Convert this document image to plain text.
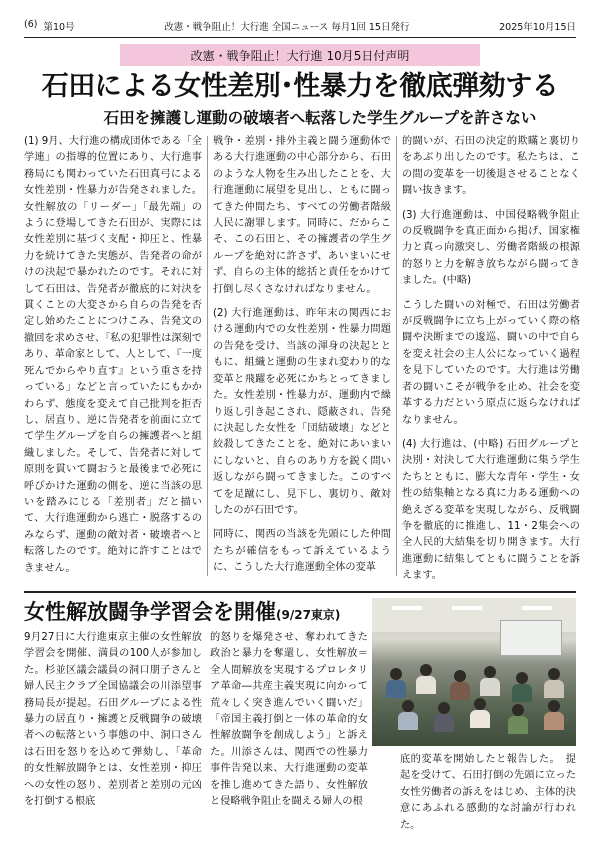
(6) 第10号	改憲・戦争阻止！大行進 全国ニュース 毎月1回 15日発行	2025年10月15日
改憲・戦争阻止！大行進 10月5日付声明
石田による女性差別･性暴力を徹底弾劾する
石田を擁護し運動の破壊者へ転落した学生グループを許さない

(1) 9月、大行進の構成団体である「全学連」の指導的位置にあり、大行進事務局にも関わっていた石田真弓による女性差別・性暴力が告発されました。女性解放の「リーダー」「最先端」のように登場してきた石田が、実際には女性差別に基づく支配・抑圧と、性暴力を続けてきた実態が、告発者の命がけの決起で暴かれたのです。それに対して石田は、告発者が徹底的に対決を貫くことの大変さから自らの告発を否定し始めたことにつけこみ、告発文の撤回を求めさせ、「私の犯罪性は深刻であり、革命家として、人として、『一度死んでからやり直す』という重さを持っている」などと言っていたにもかかわらず、態度を変えて自己批判を拒否し、居直り、逆に告発者を前面に立てて学生グループを自らの擁護者へと組織しました。そして、告発者に対して原則を貫いて闘おうと最後まで必死に呼びかけた運動の側を、逆に当該の思いを踏みにじる「差別者」だと描いて、大行進運動から逃亡・脱落するのみならず、運動の敵対者・破壊者へと転落したのです。絶対に許すことはできません。

戦争・差別・排外主義と闘う運動体である大行進運動の中心部分から、石田のような人物を生み出したことを、大行進運動に展望を見出し、ともに闘ってきた仲間たち、すべての労働者階級人民に謝罪します。同時に、だからこそ、この石田と、その擁護者の学生グループを絶対に許さず、あいまいにせず、自らの主体的総括と責任をかけて打倒し尽くさなければなりません。

(2) 大行進運動は、昨年末の関西における運動内での女性差別・性暴力問題の告発を受け、当該の渾身の決起とともに、組織と運動の生まれ変わり的な変革と飛躍を必死にかちとってきました。女性差別・性暴力が、運動内で繰り返し引き起こされ、隠蔽され、告発に決起した女性を「団結破壊」などと絞殺してきたことを、絶対にあいまいにしないと、自らのあり方を鋭く問い返しながら闘ってきました。このすべてを足蹴にし、見下し、裏切り、敵対したのが石田です。

同時に、関西の当該を先頭にした仲間たちが確信をもって訴えているように、こうした大行進運動全体の変革

的闘いが、石田の決定的欺瞞と裏切りをあぶり出したのです。私たちは、この間の変革を一切後退させることなく闘い抜きます。

(3) 大行進運動は、中国侵略戦争阻止の反戦闘争を真正面から掲げ、国家権力と真っ向激突し、労働者階級の根源的怒りと力を解き放ちながら闘ってきました。(中略)

こうした闘いの対極で、石田は労働者が反戦闘争に立ち上がっていく際の格闘や決断までの逡巡、闘いの中で自らを変え社会の主人公になっていく過程を見下していたのです。大行進は労働者の闘いこそが戦争を止め、社会を変革する力だという原点に返らなければなりません。

(4) 大行進は、(中略) 石田グループと決別・対決して大行進運動に集う学生たちとともに、膨大な青年・学生・女性の結集軸となる真に力ある運動への絶えざる変革を実現しながら、反戦闘争を徹底的に推進し、11・2集会への全人民的大結集を切り開きます。大行進運動に結集してともに闘うことを訴えます。

女性解放闘争学習会を開催(9/27東京)

9月27日に大行進東京主催の女性解放学習会を開催、満員の100人が参加した。杉並区議会議員の洞口朋子さんと婦人民主クラブ全国協議会の川添望事務局長が提起。石田グループによる性暴力の居直り・擁護と反戦闘争の破壊者への転落という事態の中、洞口さんは石田を怒りを込めて弾劾し、「革命的女性解放闘争とは、女性差別・抑圧への女性の怒り、差別者と差別の元凶を打倒する根底

的怒りを爆発させ、奪われてきた政治と暴力を奪還し、女性解放＝全人間解放を実現するプロレタリア革命―共産主義実現に向かって荒々しく突き進んでいく闘いだ」「帝国主義打倒と一体の革命的女性解放闘争を創成しよう」と訴えた。川添さんは、関西での性暴力事件告発以来、大行進運動の変革を推し進めてきた語り、女性解放と侵略戦争阻止を闘える婦人の根

底的変革を開始したと報告した。　提起を受けて、石田打倒の先頭に立った女性労働者の訴えをはじめ、主体的決意にあふれる感動的な討論が行われた。
